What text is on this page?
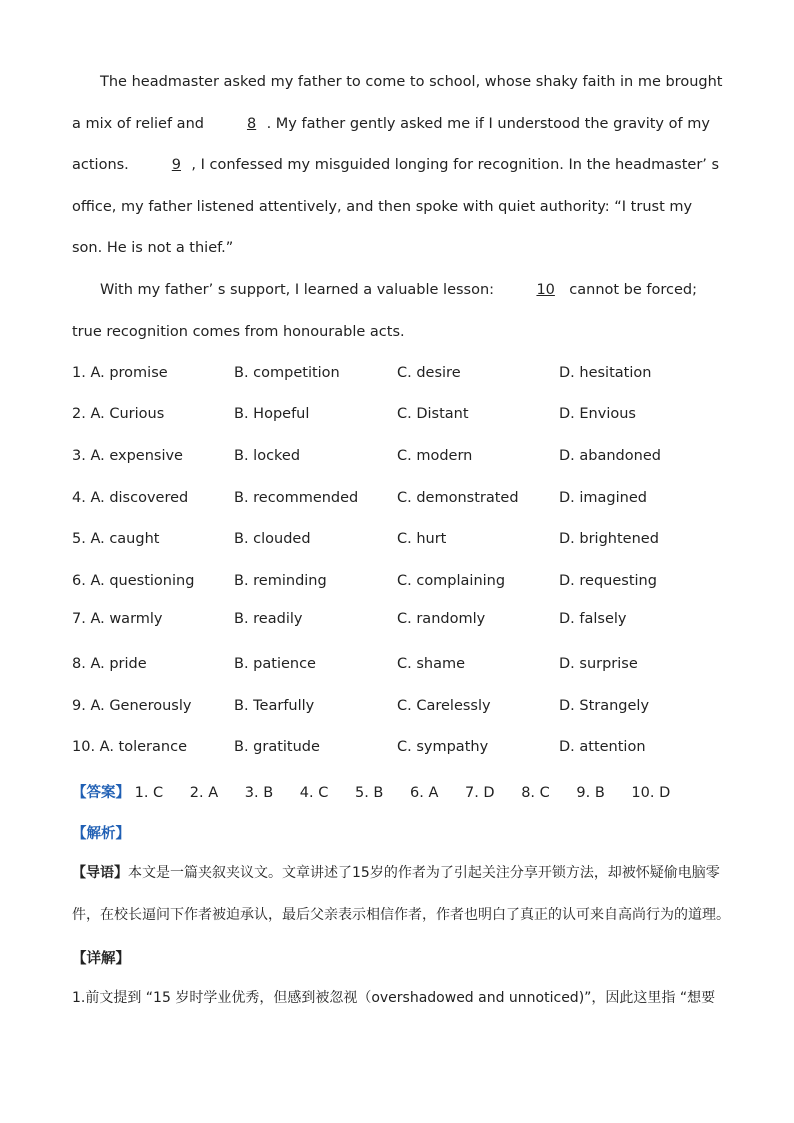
The headmaster asked my father to come to school, whose shaky faith in me brought a mix of relief and	8 . My father gently asked me if I understood the gravity of my actions.	9 , I confessed my misguided longing for recognition. In the headmaster’ s office, my father listened attentively, and then spoke with quiet authority: “I trust my son. He is not a thief.”

With my father’ s support, I learned a valuable lesson:	10 cannot be forced; true recognition comes from honourable acts.

1. A. promise	B. competition	C. desire	D. hesitation
2. A. Curious	B. Hopeful	C. Distant	D. Envious
3. A. expensive	B. locked	C. modern	D. abandoned
4. A. discovered	B. recommended	C. demonstrated	D. imagined
5. A. caught	B. clouded	C. hurt	D. brightened
6. A. questioning	B. reminding	C. complaining	D. requesting
7. A. warmly	B. readily	C. randomly	D. falsely
8. A. pride	B. patience	C. shame	D. surprise
9. A. Generously	B. Tearfully	C. Carelessly	D. Strangely
10. A. tolerance	B. gratitude	C. sympathy	D. attention
【答案】 1. C 2. A 3. B 4. C 5. B 6. A 7. D 8. C 9. B 10. D
【解析】

【导语】本文是一篇夹叙夹议文。文章讲述了15岁的作者为了引起关注分享开锁方法，却被怀疑偷电脑零件，在校长逼问下作者被迫承认，最后父亲表示相信作者，作者也明白了真正的认可来自高尚行为的道理。

【详解】

1.前文提到 “15 岁时学业优秀，但感到被忽视（overshadowed and unnoticed)”，因此这里指 “想要
